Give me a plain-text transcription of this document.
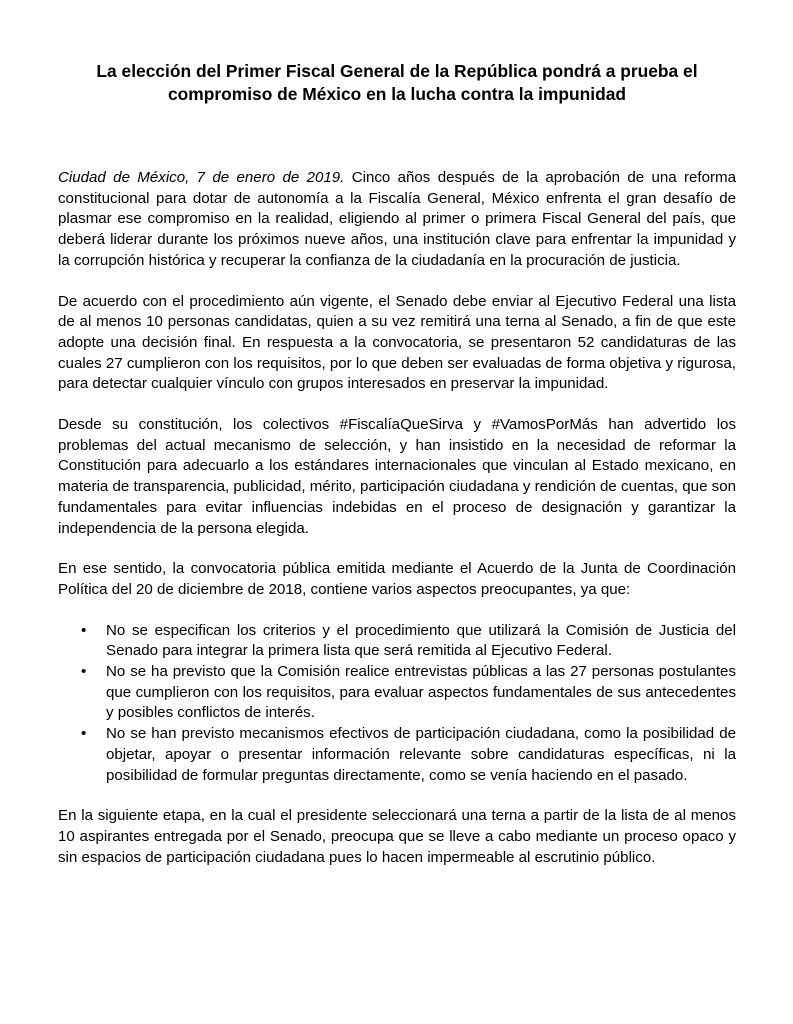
La elección del Primer Fiscal General de la República pondrá a prueba el compromiso de México en la lucha contra la impunidad

Ciudad de México, 7 de enero de 2019. Cinco años después de la aprobación de una reforma constitucional para dotar de autonomía a la Fiscalía General, México enfrenta el gran desafío de plasmar ese compromiso en la realidad, eligiendo al primer o primera Fiscal General del país, que deberá liderar durante los próximos nueve años, una institución clave para enfrentar la impunidad y la corrupción histórica y recuperar la confianza de la ciudadanía en la procuración de justicia.

De acuerdo con el procedimiento aún vigente, el Senado debe enviar al Ejecutivo Federal una lista de al menos 10 personas candidatas, quien a su vez remitirá una terna al Senado, a fin de que este adopte una decisión final. En respuesta a la convocatoria, se presentaron 52 candidaturas de las cuales 27 cumplieron con los requisitos, por lo que deben ser evaluadas de forma objetiva y rigurosa, para detectar cualquier vínculo con grupos interesados en preservar la impunidad.

Desde su constitución, los colectivos #FiscalíaQueSirva y #VamosPorMás han advertido los problemas del actual mecanismo de selección, y han insistido en la necesidad de reformar la Constitución para adecuarlo a los estándares internacionales que vinculan al Estado mexicano, en materia de transparencia, publicidad, mérito, participación ciudadana y rendición de cuentas, que son fundamentales para evitar influencias indebidas en el proceso de designación y garantizar la independencia de la persona elegida.

En ese sentido, la convocatoria pública emitida mediante el Acuerdo de la Junta de Coordinación Política del 20 de diciembre de 2018, contiene varios aspectos preocupantes, ya que:

• No se especifican los criterios y el procedimiento que utilizará la Comisión de Justicia del Senado para integrar la primera lista que será remitida al Ejecutivo Federal.
• No se ha previsto que la Comisión realice entrevistas públicas a las 27 personas postulantes que cumplieron con los requisitos, para evaluar aspectos fundamentales de sus antecedentes y posibles conflictos de interés.
• No se han previsto mecanismos efectivos de participación ciudadana, como la posibilidad de objetar, apoyar o presentar información relevante sobre candidaturas específicas, ni la posibilidad de formular preguntas directamente, como se venía haciendo en el pasado.

En la siguiente etapa, en la cual el presidente seleccionará una terna a partir de la lista de al menos 10 aspirantes entregada por el Senado, preocupa que se lleve a cabo mediante un proceso opaco y sin espacios de participación ciudadana pues lo hacen impermeable al escrutinio público.
